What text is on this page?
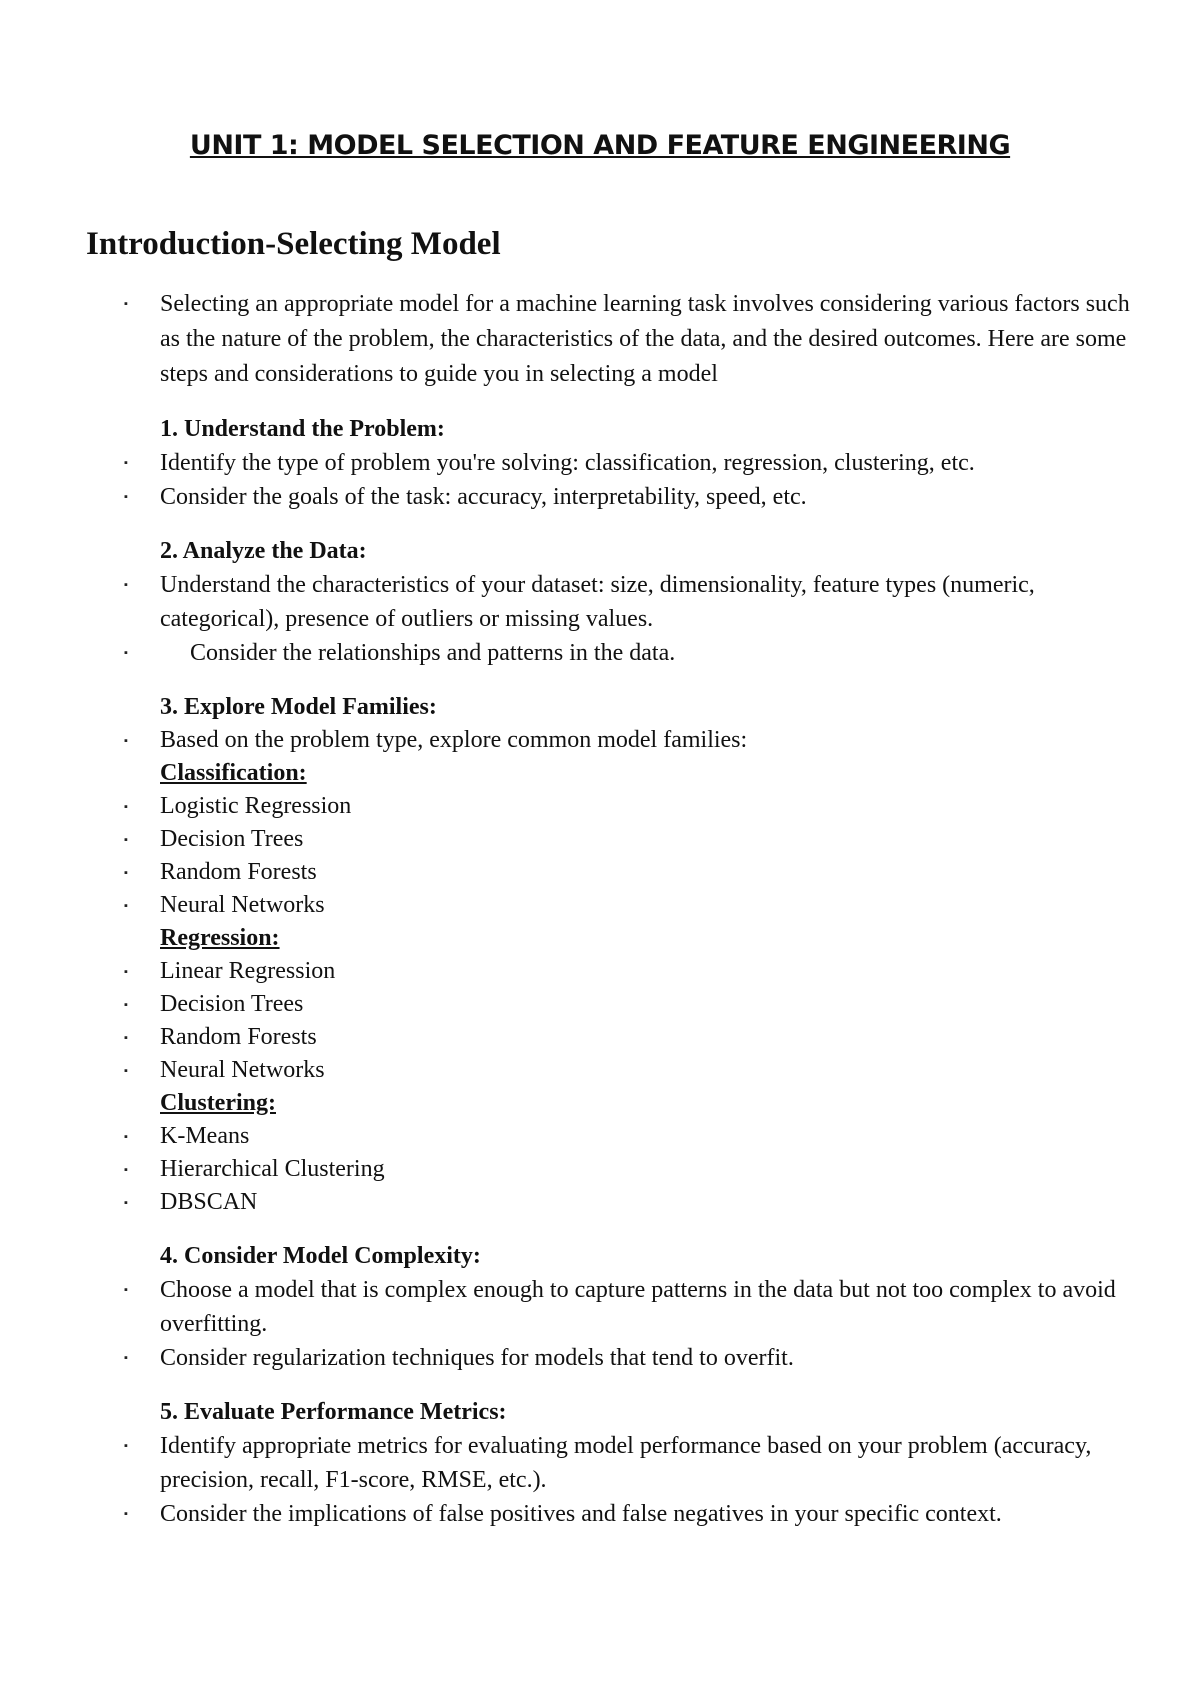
UNIT 1: MODEL SELECTION AND FEATURE ENGINEERING
Introduction-Selecting Model
▪ Selecting an appropriate model for a machine learning task involves considering various factors such as the nature of the problem, the characteristics of the data, and the desired outcomes. Here are some steps and considerations to guide you in selecting a model

1. Understand the Problem:

▪ Identify the type of problem you're solving: classification, regression, clustering, etc.
▪ Consider the goals of the task: accuracy, interpretability, speed, etc.

2. Analyze the Data:

▪ Understand the characteristics of your dataset: size, dimensionality, feature types (numeric, categorical), presence of outliers or missing values.
▪ Consider the relationships and patterns in the data.

3. Explore Model Families:

▪ Based on the problem type, explore common model families:

Classification:

▪ Logistic Regression
▪ Decision Trees
▪ Random Forests
▪ Neural Networks

Regression:

▪ Linear Regression
▪ Decision Trees
▪ Random Forests
▪ Neural Networks

Clustering:

▪ K-Means
▪ Hierarchical Clustering
▪ DBSCAN

4. Consider Model Complexity:

▪ Choose a model that is complex enough to capture patterns in the data but not too complex to avoid overfitting.
▪ Consider regularization techniques for models that tend to overfit.

5. Evaluate Performance Metrics:

▪ Identify appropriate metrics for evaluating model performance based on your problem (accuracy, precision, recall, F1-score, RMSE, etc.).
▪ Consider the implications of false positives and false negatives in your specific context.
